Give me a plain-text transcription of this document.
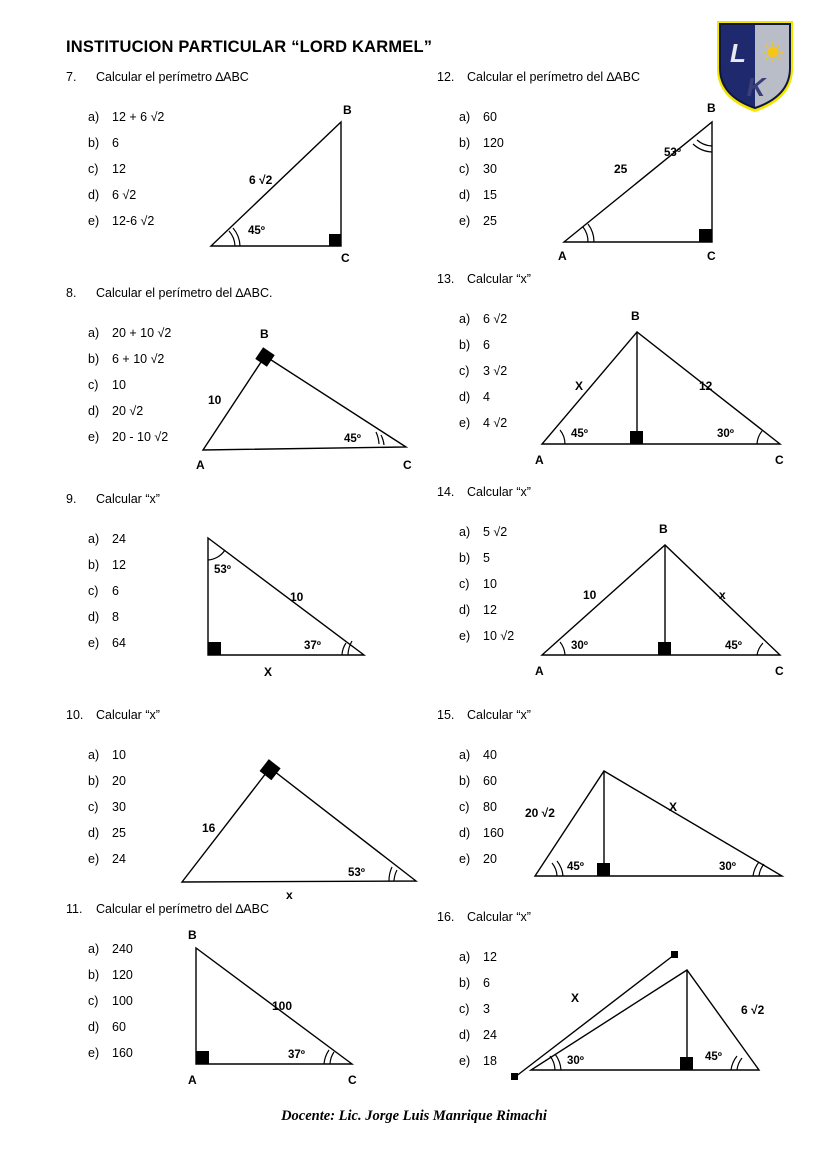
INSTITUCION PARTICULAR “LORD KARMEL”	L
K
7.	Calcular el perímetro ∆ABC
a)	12 + 6 √2
b)	6
c)	12
d)	6 √2
e)	12-6 √2
B
C
6 √2
45º
12.	Calcular el perímetro del ∆ABC
a)	60
b)	120
c)	30
d)	15
e)	25
B
A	C
25
53º
8.	Calcular el perímetro del ∆ABC.
a)	20 + 10 √2
b)	6 + 10 √2
c)	10
d)	20 √2
e)	20 - 10 √2
B
A	C
10
45º
13.	Calcular “x”
a)	6 √2
b)	6
c)	3 √2
d)	4
e)	4 √2
B
A	C
X	12
45º	30º
9.	Calcular “x”
a)	24
b)	12
c)	6
d)	8
e)	64
10
X
53º
37º
14.	Calcular “x”
a)	5 √2
b)	5
c)	10
d)	12
e)	10 √2
B
A	C
10	x
30º	45º
10.	Calcular “x”
a)	10
b)	20
c)	30
d)	25
e)	24
16
x
53º
15.	Calcular “x”
a)	40
b)	60
c)	80
d)	160
e)	20
20 √2	X
45º	30º
11.	Calcular el perímetro del ∆ABC
a)	240
b)	120
c)	100
d)	60
e)	160
B
A	C
100
37º
16.	Calcular “x”
a)	12
b)	6
c)	3
d)	24
e)	18
X
6 √2
30º	45º
Docente: Lic. Jorge Luis Manrique Rimachi
